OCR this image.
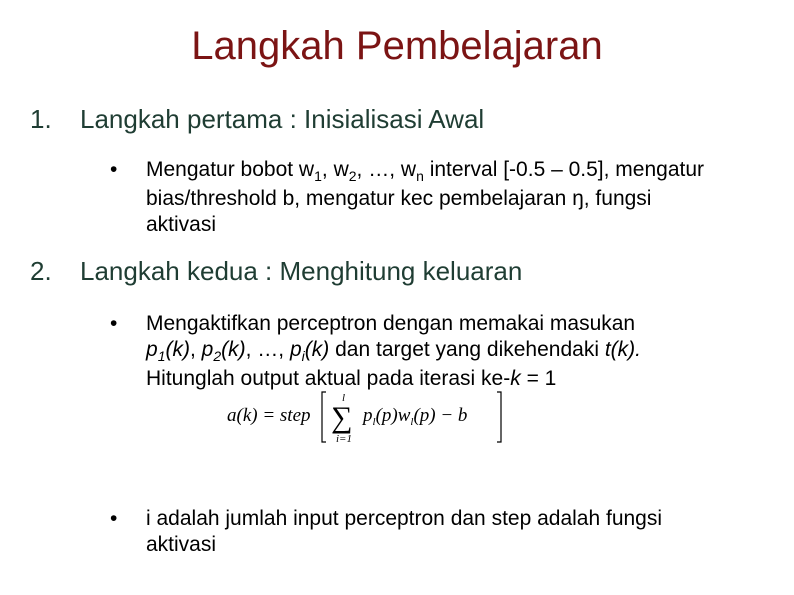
Langkah Pembelajaran
1. Langkah pertama : Inisialisasi Awal
• Mengatur bobot $w_1$, $w_2$, …, $w_n$ interval [-0.5 – 0.5], mengatur bias/threshold b, mengatur kec pembelajaran ŋ, fungsi aktivasi
2. Langkah kedua : Menghitung keluaran
• Mengaktifkan perceptron dengan memakai masukan
$p_1(k)$, $p_2(k)$, …, $p_i(k)$ dan target yang dikehendaki t(k).
Hitunglah output aktual pada iterasi ke-k = 1
a(k) = step
l
∑
i=1
$p_l(p)w_l(p) - b$
• i adalah jumlah input perceptron dan step adalah fungsi aktivasi
